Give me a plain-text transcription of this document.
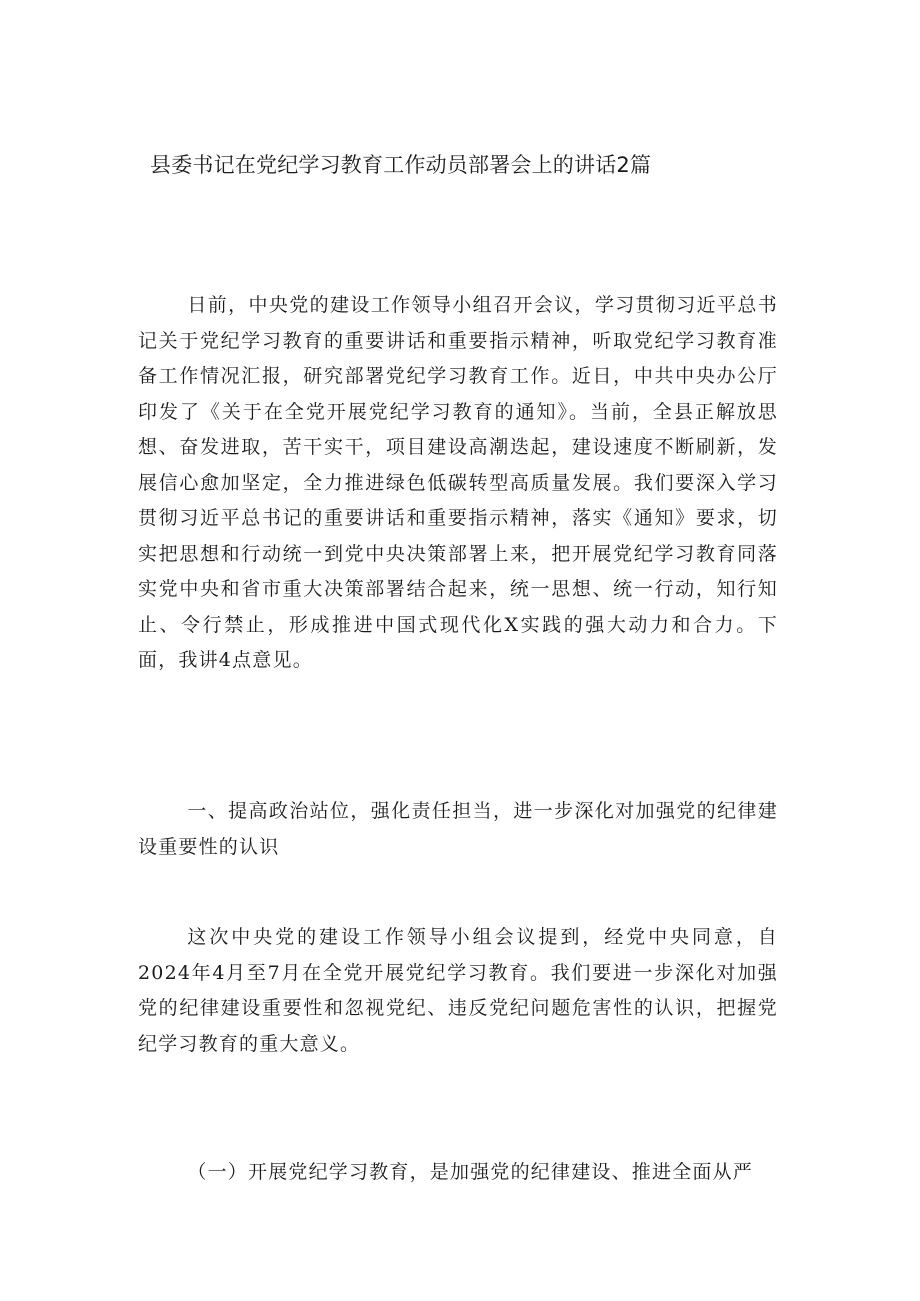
县委书记在党纪学习教育工作动员部署会上的讲话2篇

日前，中央党的建设工作领导小组召开会议，学习贯彻习近平总书记关于党纪学习教育的重要讲话和重要指示精神，听取党纪学习教育准备工作情况汇报，研究部署党纪学习教育工作。近日，中共中央办公厅印发了《关于在全党开展党纪学习教育的通知》。当前，全县正解放思想、奋发进取，苦干实干，项目建设高潮迭起，建设速度不断刷新，发展信心愈加坚定，全力推进绿色低碳转型高质量发展。我们要深入学习贯彻习近平总书记的重要讲话和重要指示精神，落实《通知》要求，切实把思想和行动统一到党中央决策部署上来，把开展党纪学习教育同落实党中央和省市重大决策部署结合起来，统一思想、统一行动，知行知止、令行禁止，形成推进中国式现代化X实践的强大动力和合力。下面，我讲4点意见。

一、提高政治站位，强化责任担当，进一步深化对加强党的纪律建设重要性的认识

这次中央党的建设工作领导小组会议提到，经党中央同意，自2024年4月至7月在全党开展党纪学习教育。我们要进一步深化对加强党的纪律建设重要性和忽视党纪、违反党纪问题危害性的认识，把握党纪学习教育的重大意义。

（一）开展党纪学习教育，是加强党的纪律建设、推进全面从严
